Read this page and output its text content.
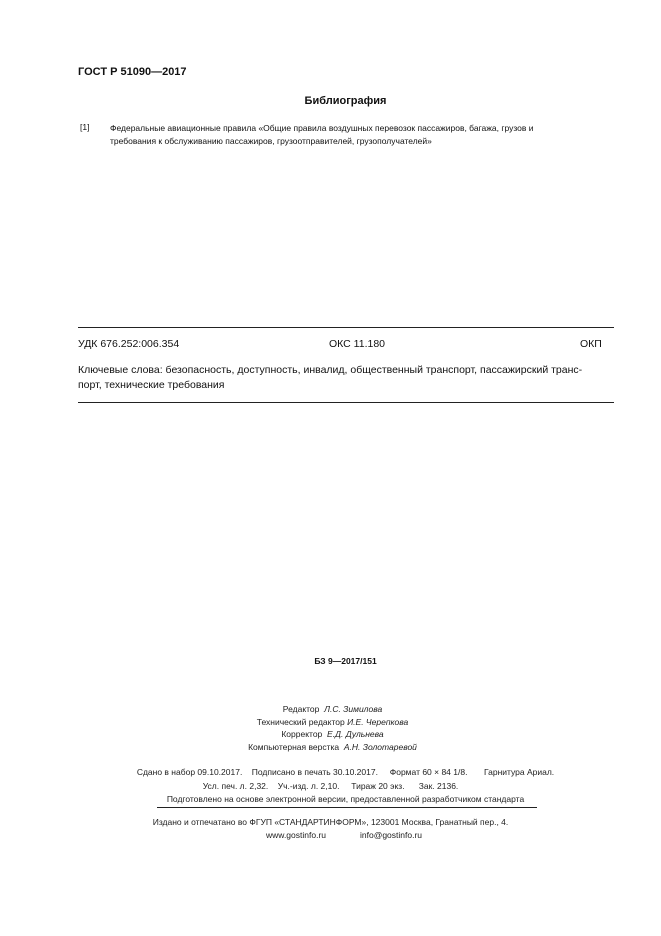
ГОСТ Р 51090—2017
Библиография
[1] Федеральные авиационные правила «Общие правила воздушных перевозок пассажиров, багажа, грузов и
требования к обслуживанию пассажиров, грузоотправителей, грузополучателей»
УДК 676.252:006.354	ОКС 11.180	ОКП
Ключевые слова: безопасность, доступность, инвалид, общественный транспорт, пассажирский транс-
порт, технические требования
БЗ 9—2017/151
Редактор Л.С. Зимилова
Технический редактор И.Е. Черепкова
Корректор Е.Д. Дульнева
Компьютерная верстка А.Н. Золотаревой
Сдано в набор 09.10.2017.    Подписано в печать 30.10.2017.     Формат 60 × 84 1/8.       Гарнитура Ариал.
Усл. печ. л. 2,32.    Уч.-изд. л. 2,10.     Тираж 20 экз.      Зак. 2136.
Подготовлено на основе электронной версии, предоставленной разработчиком стандарта
Издано и отпечатано во ФГУП «СТАНДАРТИНФОРМ», 123001 Москва, Гранатный пер., 4.
www.gostinfo.ru	info@gostinfo.ru
